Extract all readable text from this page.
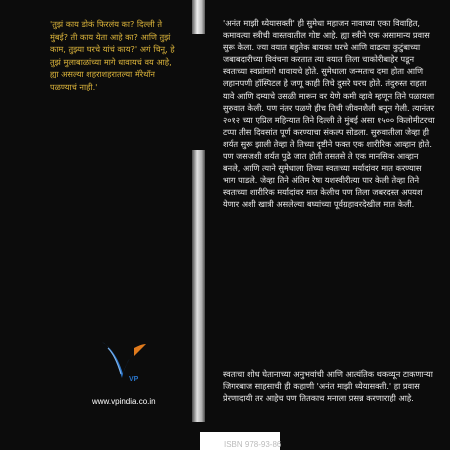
'तुझं काय डोकं फिरलंय का? दिल्ली ते मुंबई? ती काय येता आहे का? आणि तुझं काम, तुझ्या घरचे यांचं काय?' अगं चिनू, हे तुझं मुलाबाळांच्या मागे धावायचं वय आहे, ह्या असल्या शहराशहरातल्या मॅरेथॉन पळण्याचं नाही.'

'अनंत माझी ध्येयासक्ती' ही सुमेधा महाजन नावाच्या एका विवाहित, कमावत्या स्त्रीची वास्तवातील गोष्ट आहे. ह्या स्त्रीने एक असामान्य प्रवास सुरू केला. ज्या वयात बहुतेक बायका घरचे आणि वाढत्या कुटुंबाच्या जबाबदारीच्या विवंचना करतात त्या वयात तिला चाकोरीबाहेर पडून स्वतःच्या स्वप्नांमागे धावायचे होते. सुमेधाला जन्मतःच दमा होता आणि लहानपणी हॉस्पिटल हे जणू काही तिचे दुसरे घरच होते. तंदुरुस्त राहता यावे आणि दम्याचे उसळी मारून वर येणे कमी व्हावे म्हणून तिने पळायला सुरुवात केली. पण नंतर पळणे हीच तिची जीवनशैली बनून गेली. त्यानंतर २०१२ च्या एप्रिल महिन्यात तिने दिल्ली ते मुंबई असा १५०० किलोमीटरचा टप्पा तीस दिवसांत पूर्ण करण्याचा संकल्प सोडला. सुरुवातीला जेव्हा ही शर्यत सुरू झाली तेव्हा ते तिच्या दृष्टीने फक्त एक शारीरिक आव्हान होते. पण जसजशी शर्यत पुढे जात होती तसतसे ते एक मानसिक आव्हान बनले, आणि त्याने सुमेधाला तिच्या स्वतःच्या मर्यादांवर मात करण्यास भाग पाडले. जेव्हा तिने अंतिम रेषा यशस्वीरीत्या पार केली तेव्हा तिने स्वतःच्या शारीरिक मर्यादांवर मात केलीच पण तिला जबरदस्त अपयश येणार अशी खात्री असलेल्या बघ्यांच्या पूर्वग्रहावरदेखील मात केली.

स्वतःचा शोध घेतानाच्या अनुभवांची आणि आत्यंतिक थकव्यून टाकणाऱ्या जिगरबाज साहसाची ही कहाणी 'अनंत माझी ध्येयासक्ती.' हा प्रवास प्रेरणादायी तर आहेच पण तितकाच मनाला प्रसन्न करणाराही आहे.

VP
www.vpindia.co.in
ISBN 978-93-86
